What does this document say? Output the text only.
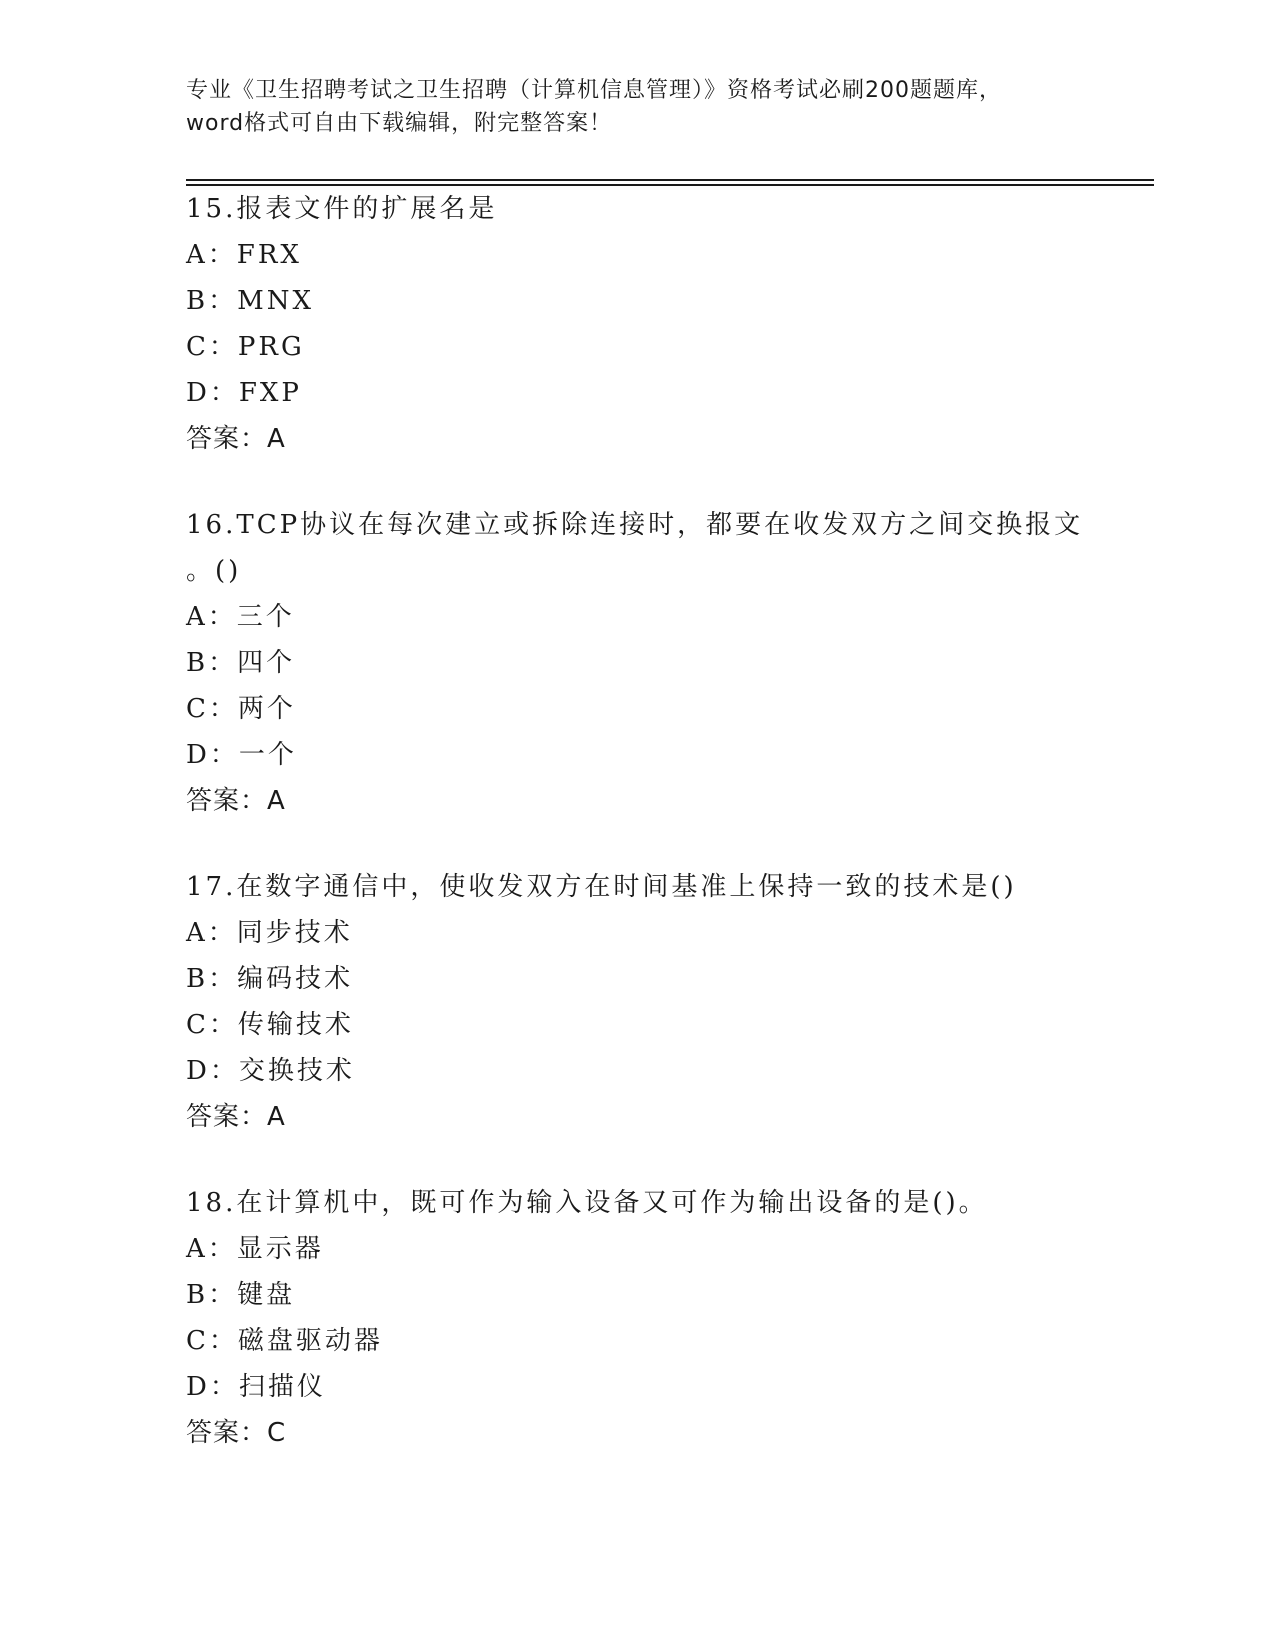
专业《卫生招聘考试之卫生招聘（计算机信息管理）》资格考试必刷200题题库，
word格式可自由下载编辑，附完整答案！
15.报表文件的扩展名是
A：FRX
B：MNX
C：PRG
D：FXP
答案：A
16.TCP协议在每次建立或拆除连接时，都要在收发双方之间交换报文
。()
A：三个
B：四个
C：两个
D：一个
答案：A
17.在数字通信中，使收发双方在时间基准上保持一致的技术是()
A：同步技术
B：编码技术
C：传输技术
D：交换技术
答案：A
18.在计算机中，既可作为输入设备又可作为输出设备的是()。
A：显示器
B：键盘
C：磁盘驱动器
D：扫描仪
答案：C
